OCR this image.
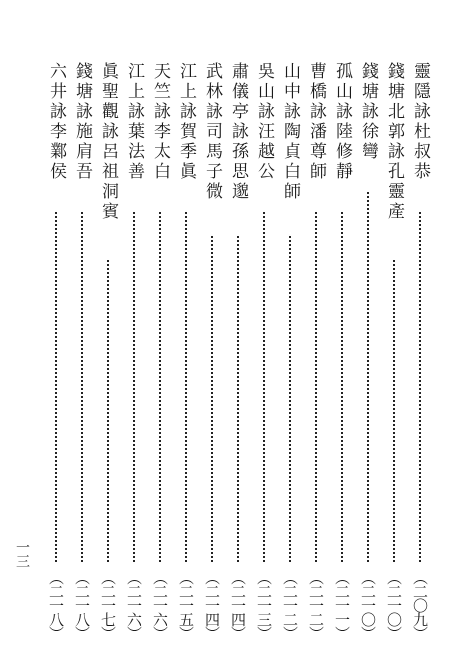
靈隱詠杜叔恭
（二〇九）
錢塘北郭詠孔靈產
（二一〇）
錢塘詠徐彎
（二一〇）
孤山詠陸修靜
（二一一）
曹橋詠潘尊師
（二一二）
山中詠陶貞白師
（二一二）
吳山詠汪越公
（二一三）
肅儀亭詠孫思邈
（二一四）
武林詠司馬子微
（二一四）
江上詠賀季眞
（二一五）
天竺詠李太白
（二一六）
江上詠葉法善
（二一六）
眞聖觀詠呂祖洞賓
（二一七）
錢塘詠施肩吾
（二一八）
六井詠李鄴侯
（二一八）
一三
